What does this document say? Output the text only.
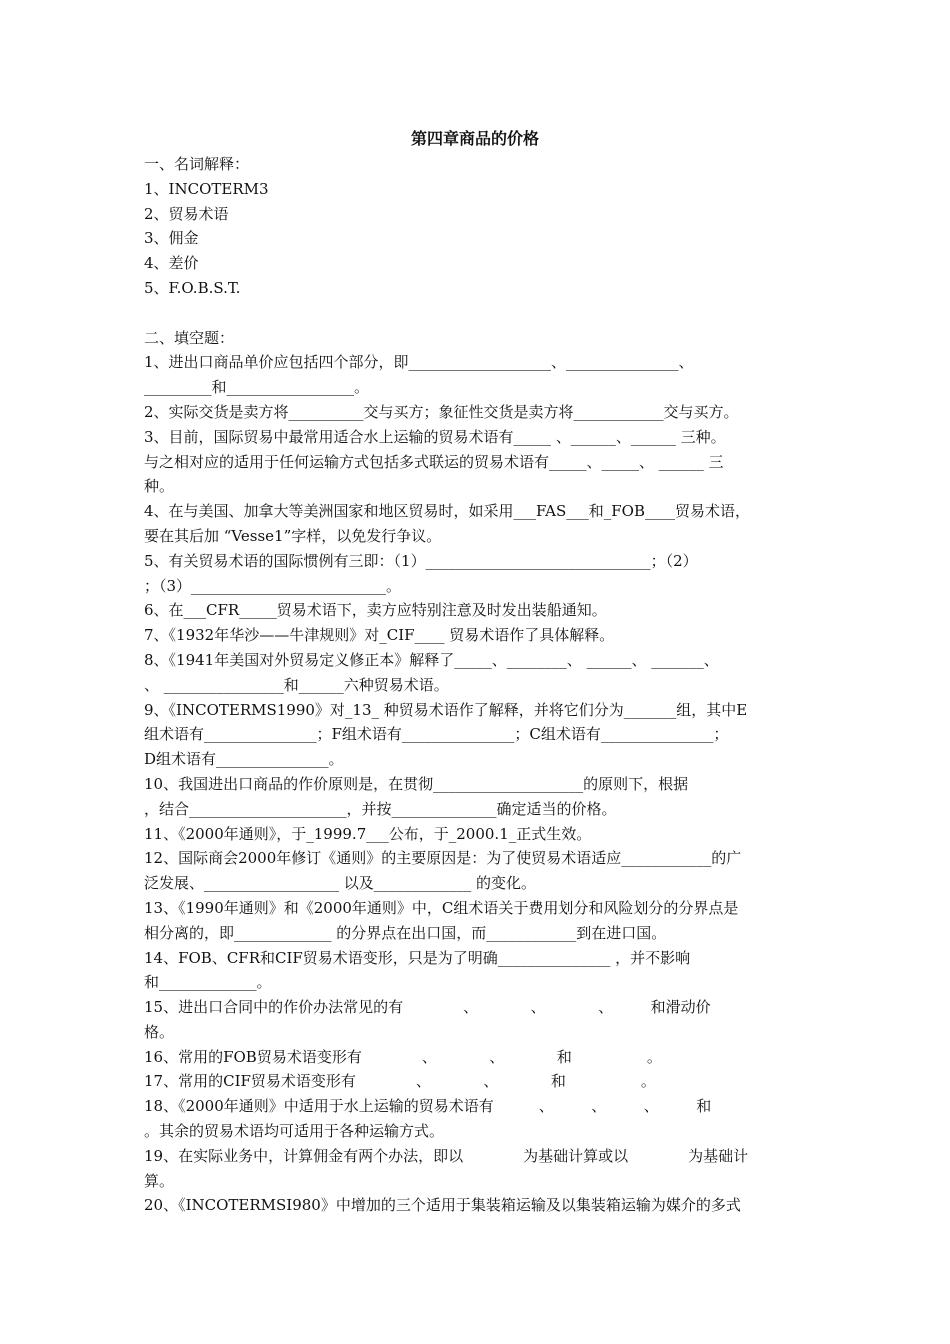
第四章商品的价格
一、名词解释：
1、INCOTERM3
2、贸易术语
3、佣金
4、差价
5、F.O.B.S.T.
二、填空题：
1、进出口商品单价应包括四个部分，即___________________、_______________、
_________和_________________。
2、实际交货是卖方将__________交与买方；象征性交货是卖方将____________交与买方。
3、目前，国际贸易中最常用适合水上运输的贸易术语有_____ 、______、______ 三种。
与之相对应的适用于任何运输方式包括多式联运的贸易术语有_____、_____、 ______ 三
种。
4、在与美国、加拿大等美洲国家和地区贸易时，如采用___FAS___和_FOB____贸易术语，
要在其后加 “Vesse1”字样，以免发行争议。
5、有关贸易术语的国际惯例有三即：（1）______________________________；（2）
；（3）__________________________。
6、在___CFR_____贸易术语下，卖方应特别注意及时发出装船通知。
7、《1932年华沙——牛津规则》对_CIF____ 贸易术语作了具体解释。
8、《1941年美国对外贸易定义修正本》解释了_____、________、 ______、 _______、
、 ________________和______六种贸易术语。
9、《INCOTERMS1990》对_13_ 种贸易术语作了解释，并将它们分为_______组，其中E
组术语有_______________；F组术语有_______________；C组术语有_______________；
D组术语有_______________。
10、我国进出口商品的作价原则是，在贯彻____________________的原则下，根据
，结合_____________________，并按______________确定适当的价格。
11、《2000年通则》，于_1999.7___公布，于_2000.1_正式生效。
12、国际商会2000年修订《通则》的主要原因是：为了使贸易术语适应____________的广
泛发展、__________________ 以及_____________ 的变化。
13、《1990年通则》和《2000年通则》中，C组术语关于费用划分和风险划分的分界点是
相分离的，即_____________ 的分界点在出口国，而____________到在进口国。
14、FOB、CFR和CIF贸易术语变形，只是为了明确_______________ ，并不影响
和_____________。
15、进出口合同中的作价办法常见的有　　　　、　　　　、　　　　、　　　和滑动价
格。
16、常用的FOB贸易术语变形有　　　　、　　　　、　　　　和　　　　　。
17、常用的CIF贸易术语变形有　　　　、　　　　、　　　　和　　　　　。
18、《2000年通则》中适用于水上运输的贸易术语有　　　、　　　、　　　、　　　和
。其余的贸易术语均可适用于各种运输方式。
19、在实际业务中，计算佣金有两个办法，即以　　　　为基础计算或以　　　　为基础计
算。
20、《INCOTERMSI980》中增加的三个适用于集装箱运输及以集装箱运输为媒介的多式
